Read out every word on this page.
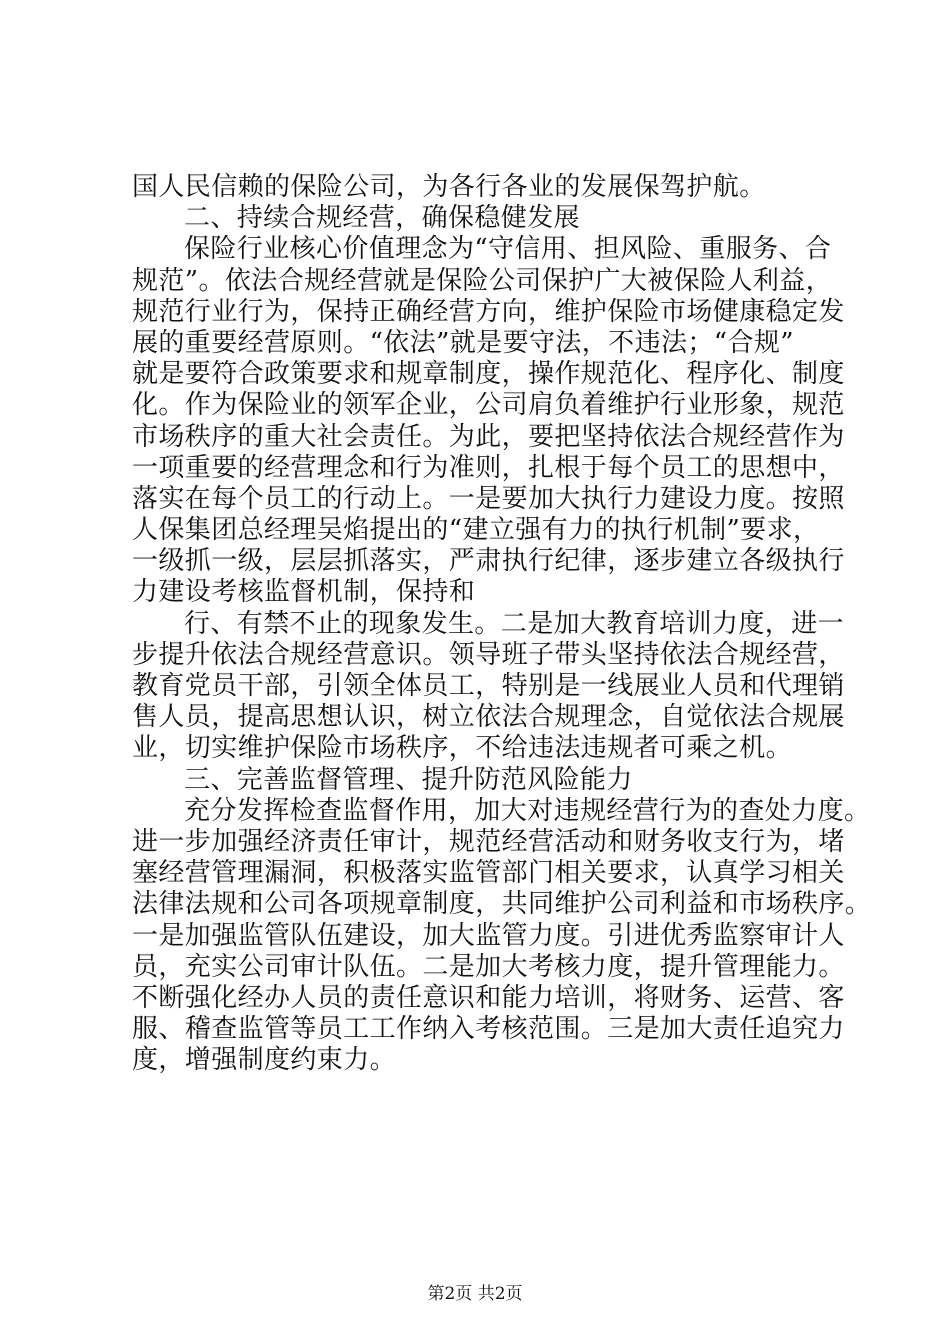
国人民信赖的保险公司，为各行各业的发展保驾护航。
二、持续合规经营，确保稳健发展
保险行业核心价值理念为“守信用、担风险、重服务、合
规范”。依法合规经营就是保险公司保护广大被保险人利益，
规范行业行为，保持正确经营方向，维护保险市场健康稳定发
展的重要经营原则。“依法”就是要守法，不违法；“合规”
就是要符合政策要求和规章制度，操作规范化、程序化、制度
化。作为保险业的领军企业，公司肩负着维护行业形象，规范
市场秩序的重大社会责任。为此，要把坚持依法合规经营作为
一项重要的经营理念和行为准则，扎根于每个员工的思想中，
落实在每个员工的行动上。一是要加大执行力建设力度。按照
人保集团总经理吴焰提出的“建立强有力的执行机制”要求，
一级抓一级，层层抓落实，严肃执行纪律，逐步建立各级执行
力建设考核监督机制，保持和
行、有禁不止的现象发生。二是加大教育培训力度，进一
步提升依法合规经营意识。领导班子带头坚持依法合规经营，
教育党员干部，引领全体员工，特别是一线展业人员和代理销
售人员，提高思想认识，树立依法合规理念，自觉依法合规展
业，切实维护保险市场秩序，不给违法违规者可乘之机。
三、完善监督管理、提升防范风险能力
充分发挥检查监督作用，加大对违规经营行为的查处力度。
进一步加强经济责任审计，规范经营活动和财务收支行为，堵
塞经营管理漏洞，积极落实监管部门相关要求，认真学习相关
法律法规和公司各项规章制度，共同维护公司利益和市场秩序。
一是加强监管队伍建设，加大监管力度。引进优秀监察审计人
员，充实公司审计队伍。二是加大考核力度，提升管理能力。
不断强化经办人员的责任意识和能力培训，将财务、运营、客
服、稽查监管等员工工作纳入考核范围。三是加大责任追究力
度，增强制度约束力。
第2页 共2页
